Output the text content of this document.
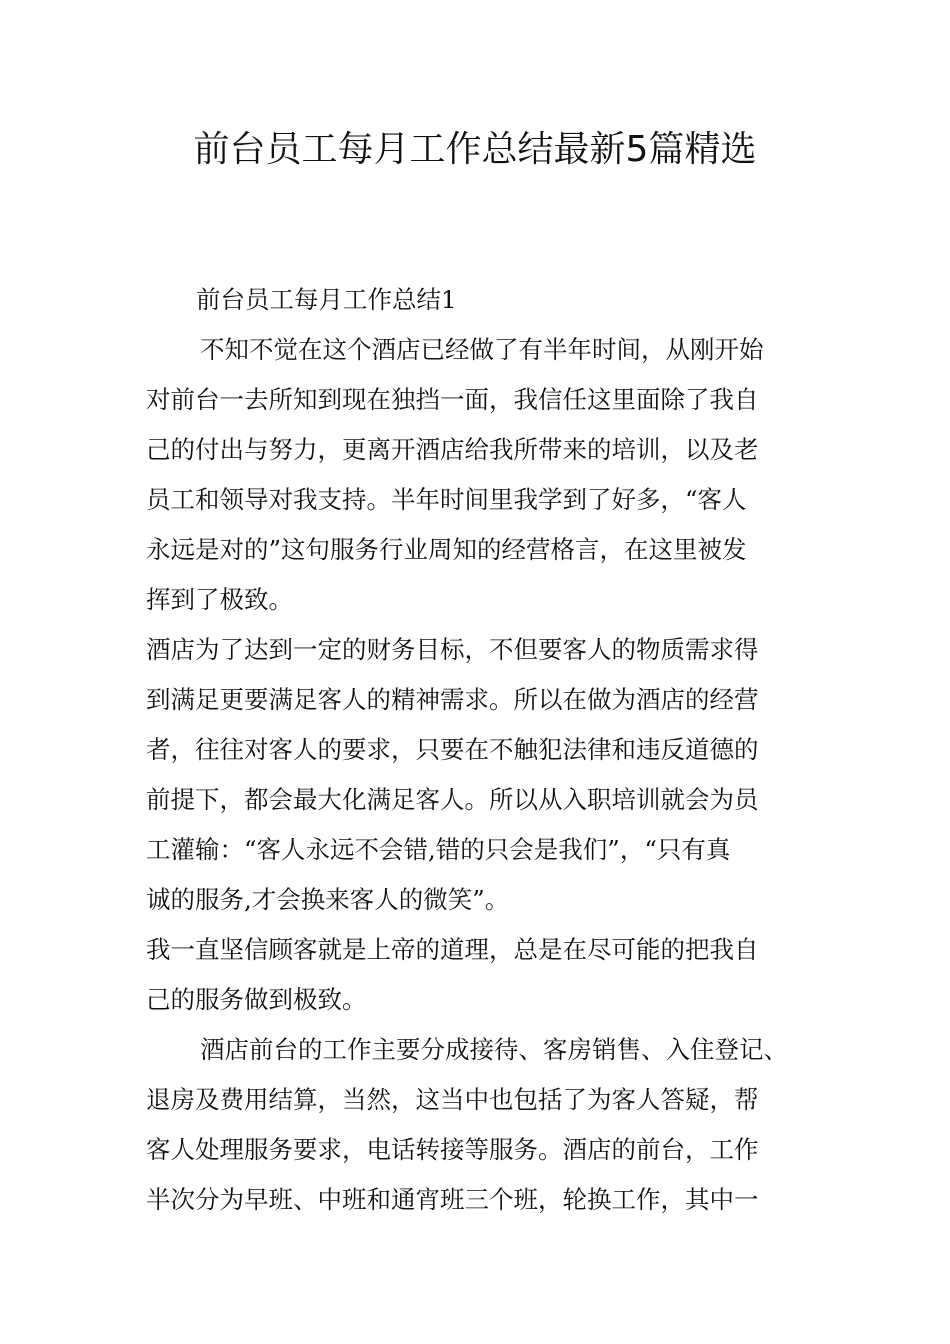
前台员工每月工作总结最新5篇精选
前台员工每月工作总结1
不知不觉在这个酒店已经做了有半年时间，从刚开始
对前台一去所知到现在独挡一面，我信任这里面除了我自
己的付出与努力，更离开酒店给我所带来的培训，以及老
员工和领导对我支持。半年时间里我学到了好多，“客人
永远是对的”这句服务行业周知的经营格言，在这里被发
挥到了极致。
酒店为了达到一定的财务目标，不但要客人的物质需求得
到满足更要满足客人的精神需求。所以在做为酒店的经营
者，往往对客人的要求，只要在不触犯法律和违反道德的
前提下，都会最大化满足客人。所以从入职培训就会为员
工灌输：“客人永远不会错,错的只会是我们”，“只有真
诚的服务,才会换来客人的微笑”。
我一直坚信顾客就是上帝的道理，总是在尽可能的把我自
己的服务做到极致。
酒店前台的工作主要分成接待、客房销售、入住登记、
退房及费用结算，当然，这当中也包括了为客人答疑，帮
客人处理服务要求，电话转接等服务。酒店的前台，工作
半次分为早班、中班和通宵班三个班，轮换工作，其中一
